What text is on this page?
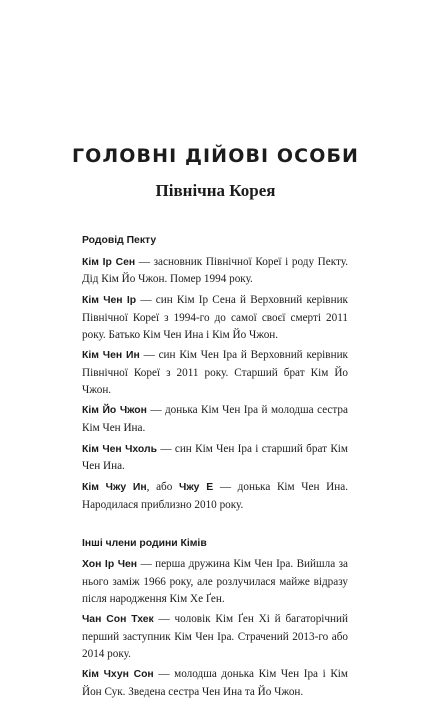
ГОЛОВНІ ДІЙОВІ ОСОБИ
Північна Корея
Родовід Пекту

Кім Ір Сен — засновник Північної Кореї і роду Пекту. Дід Кім Йо Чжон. Помер 1994 року.

Кім Чен Ір — син Кім Ір Сена й Верховний керівник Північної Кореї з 1994-го до самої своєї смерті 2011 року. Батько Кім Чен Ина і Кім Йо Чжон.

Кім Чен Ин — син Кім Чен Іра й Верховний керівник Північної Кореї з 2011 року. Старший брат Кім Йо Чжон.

Кім Йо Чжон — донька Кім Чен Іра й молодша сестра Кім Чен Ина.

Кім Чен Чхоль — син Кім Чен Іра і старший брат Кім Чен Ина.

Кім Чжу Ин, або Чжу Е — донька Кім Чен Ина. Народилася приблизно 2010 року.

Інші члени родини Кімів

Хон Ір Чен — перша дружина Кім Чен Іра. Вийшла за нього заміж 1966 року, але розлучилася майже відразу після народження Кім Хе Ґен.

Чан Сон Тхек — чоловік Кім Ґен Хі й багаторічний перший заступник Кім Чен Іра. Страчений 2013-го або 2014 року.

Кім Чхун Сон — молодша донька Кім Чен Іра і Кім Йон Сук. Зведена сестра Чен Ина та Йо Чжон.
